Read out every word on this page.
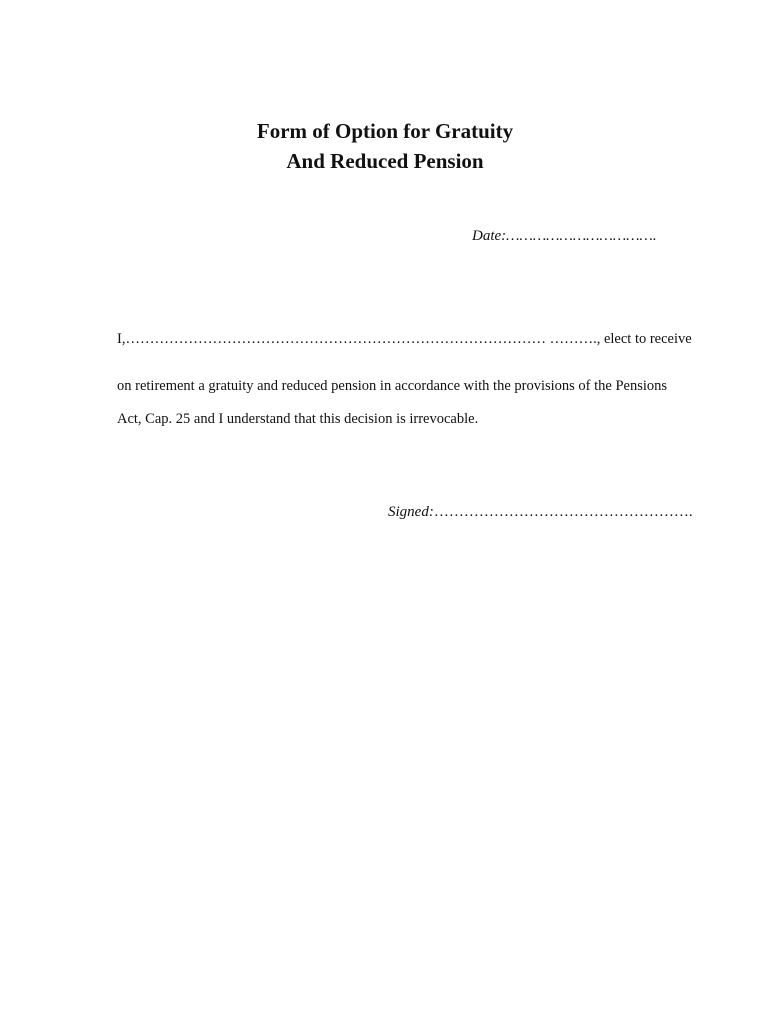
Form of Option for Gratuity
And Reduced Pension
Date:…………………………….
I,…………………………………………………………………………… ………., elect to receive
on retirement a gratuity and reduced pension in accordance with the provisions of the Pensions
Act, Cap. 25 and I understand that this decision is irrevocable.
Signed:…………………………………………….
